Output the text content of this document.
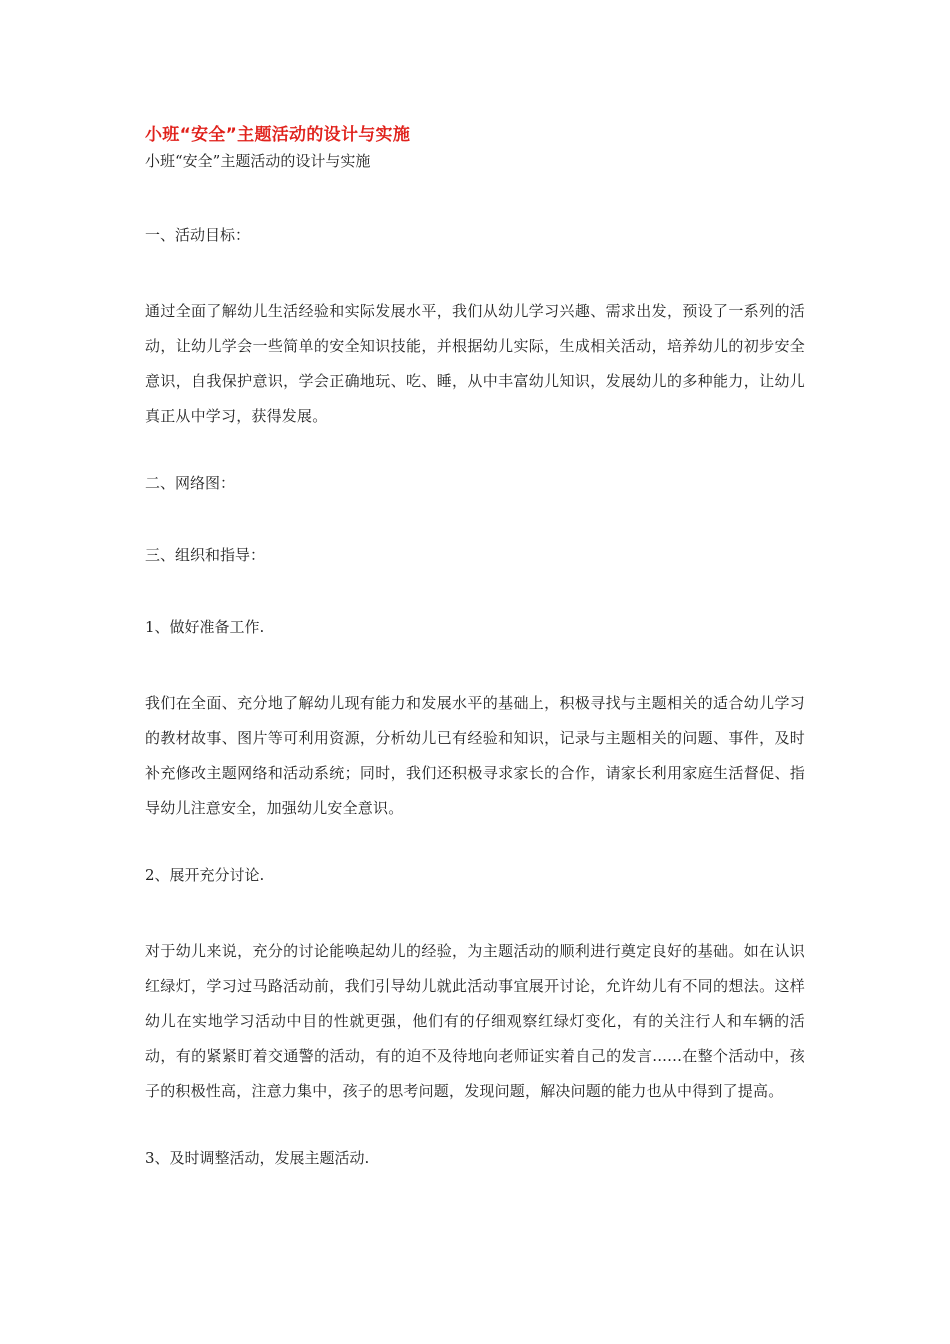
小班“安全”主题活动的设计与实施

小班“安全”主题活动的设计与实施

一、活动目标：

通过全面了解幼儿生活经验和实际发展水平，我们从幼儿学习兴趣、需求出发，预设了一系列的活动，让幼儿学会一些简单的安全知识技能，并根据幼儿实际，生成相关活动，培养幼儿的初步安全意识，自我保护意识，学会正确地玩、吃、睡，从中丰富幼儿知识，发展幼儿的多种能力，让幼儿真正从中学习，获得发展。

二、网络图：

三、组织和指导：

1、做好准备工作.

我们在全面、充分地了解幼儿现有能力和发展水平的基础上，积极寻找与主题相关的适合幼儿学习的教材故事、图片等可利用资源，分析幼儿已有经验和知识，记录与主题相关的问题、事件，及时补充修改主题网络和活动系统；同时，我们还积极寻求家长的合作，请家长利用家庭生活督促、指导幼儿注意安全，加强幼儿安全意识。

2、展开充分讨论.

对于幼儿来说，充分的讨论能唤起幼儿的经验，为主题活动的顺利进行奠定良好的基础。如在认识红绿灯，学习过马路活动前，我们引导幼儿就此活动事宜展开讨论，允许幼儿有不同的想法。这样幼儿在实地学习活动中目的性就更强，他们有的仔细观察红绿灯变化，有的关注行人和车辆的活动，有的紧紧盯着交通警的活动，有的迫不及待地向老师证实着自己的发言......在整个活动中，孩子的积极性高，注意力集中，孩子的思考问题，发现问题，解决问题的能力也从中得到了提高。

3、及时调整活动，发展主题活动.
